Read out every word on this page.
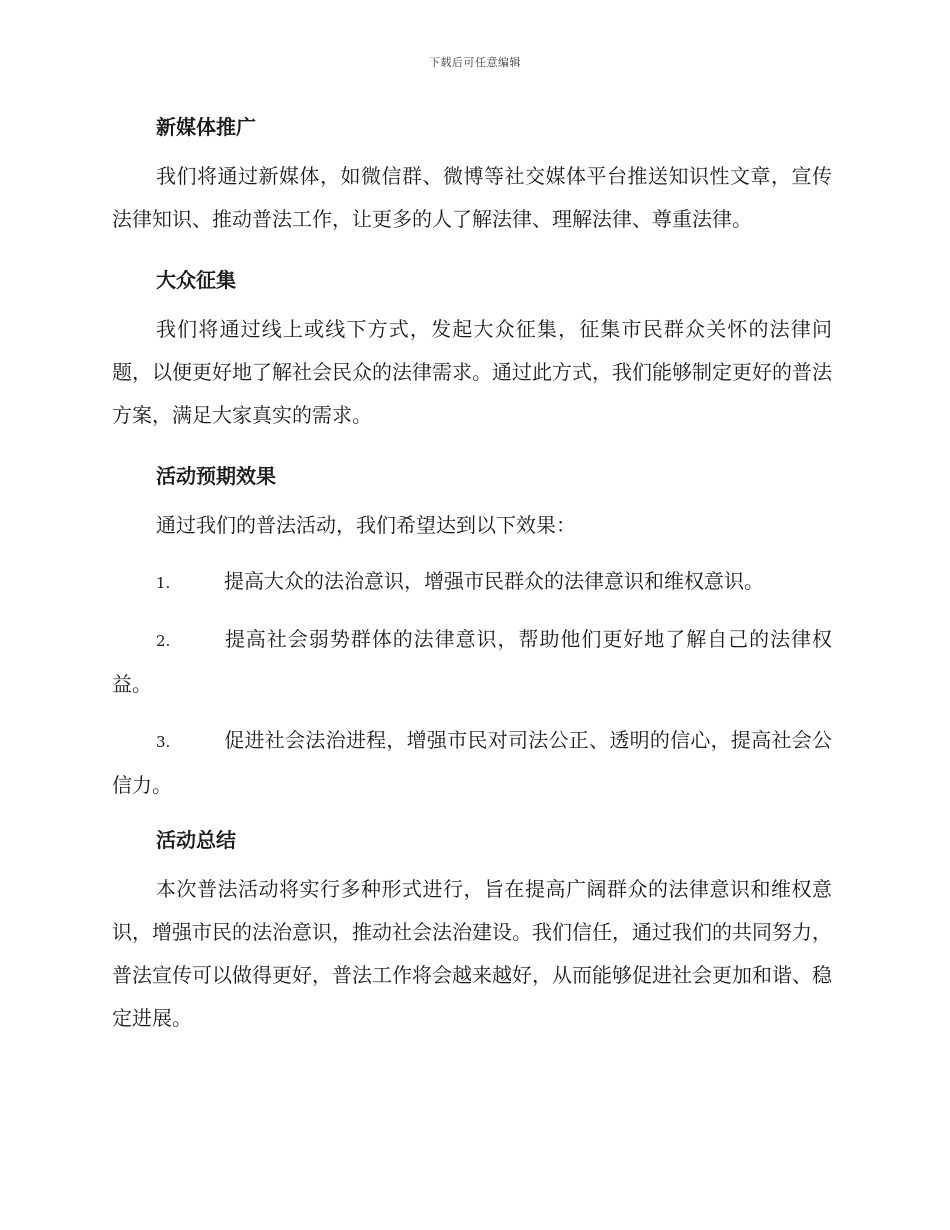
下载后可任意编辑
新媒体推广

我们将通过新媒体，如微信群、微博等社交媒体平台推送知识性文章，宣传法律知识、推动普法工作，让更多的人了解法律、理解法律、尊重法律。

大众征集

我们将通过线上或线下方式，发起大众征集，征集市民群众关怀的法律问题，以便更好地了解社会民众的法律需求。通过此方式，我们能够制定更好的普法方案，满足大家真实的需求。

活动预期效果

通过我们的普法活动，我们希望达到以下效果：

1.	提高大众的法治意识，增强市民群众的法律意识和维权意识。

2.	提高社会弱势群体的法律意识，帮助他们更好地了解自己的法律权益。

3.	促进社会法治进程，增强市民对司法公正、透明的信心，提高社会公信力。

活动总结

本次普法活动将实行多种形式进行，旨在提高广阔群众的法律意识和维权意识，增强市民的法治意识，推动社会法治建设。我们信任，通过我们的共同努力，普法宣传可以做得更好，普法工作将会越来越好，从而能够促进社会更加和谐、稳定进展。
